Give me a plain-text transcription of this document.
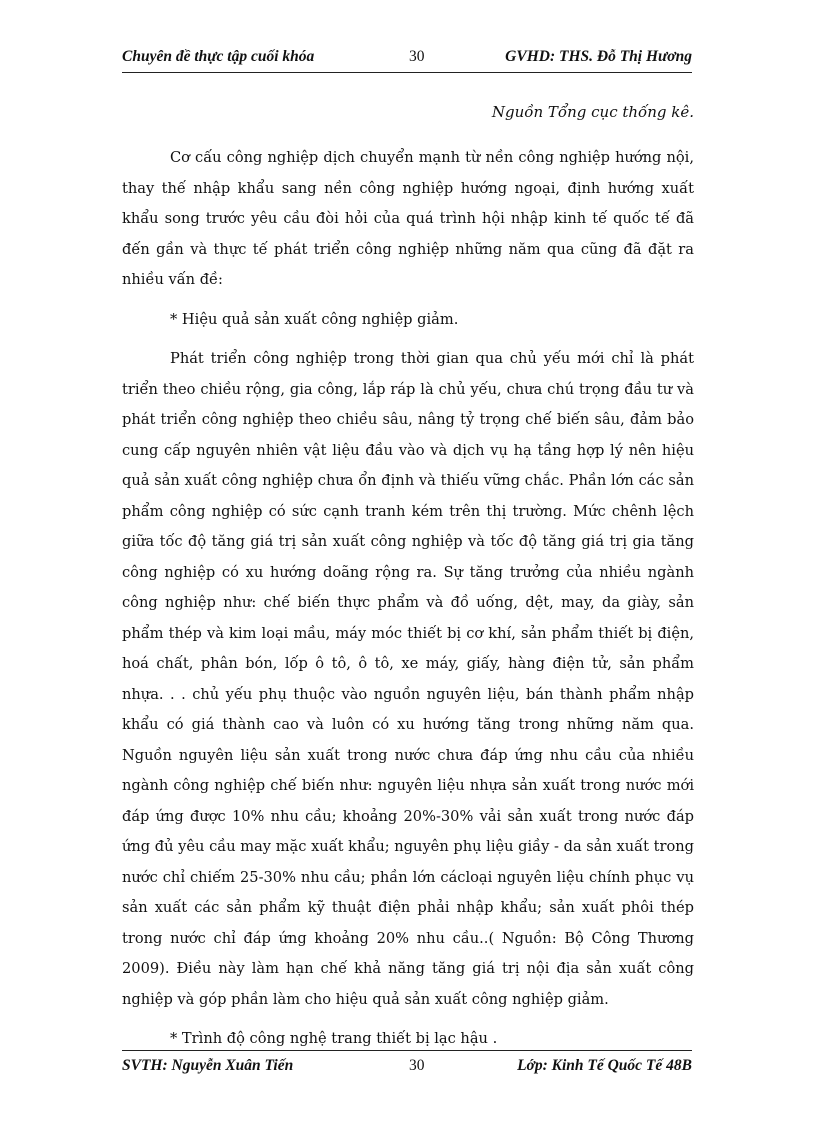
Chuyên đề thực tập cuối khóa	30	GVHD: THS. Đỗ Thị Hương
Nguồn Tổng cục thống kê.

Cơ cấu công nghiệp dịch chuyển mạnh từ nền công nghiệp hướng nội, thay thế nhập khẩu sang nền công nghiệp hướng ngoại, định hướng xuất khẩu song trước yêu cầu đòi hỏi của quá trình hội nhập kinh tế quốc tế đã đến gần và thực tế phát triển công nghiệp những năm qua cũng đã đặt ra nhiều vấn đề:

* Hiệu quả sản xuất công nghiệp giảm.

Phát triển công nghiệp trong thời gian qua chủ yếu mới chỉ là phát triển theo chiều rộng, gia công, lắp ráp là chủ yếu, chưa chú trọng đầu tư và phát triển công nghiệp theo chiều sâu, nâng tỷ trọng chế biến sâu, đảm bảo cung cấp nguyên nhiên vật liệu đầu vào và dịch vụ hạ tầng hợp lý nên hiệu quả sản xuất công nghiệp chưa ổn định và thiếu vững chắc. Phần lớn các sản phẩm công nghiệp có sức cạnh tranh kém trên thị trường. Mức chênh lệch giữa tốc độ tăng giá trị sản xuất công nghiệp và tốc độ tăng giá trị gia tăng công nghiệp có xu hướng doãng rộng ra. Sự tăng trưởng của nhiều ngành công nghiệp như: chế biến thực phẩm và đồ uống, dệt, may, da giày, sản phẩm thép và kim loại mầu, máy móc thiết bị cơ khí, sản phẩm thiết bị điện, hoá chất, phân bón, lốp ô tô, ô tô, xe máy, giấy, hàng điện tử, sản phẩm nhựa. . . chủ yếu phụ thuộc vào nguồn nguyên liệu, bán thành phẩm nhập khẩu có giá thành cao và luôn có xu hướng tăng trong những năm qua. Nguồn nguyên liệu sản xuất trong nước chưa đáp ứng nhu cầu của nhiều ngành công nghiệp chế biến như: nguyên liệu nhựa sản xuất trong nước mới đáp ứng được 10% nhu cầu; khoảng 20%-30% vải sản xuất trong nước đáp ứng đủ yêu cầu may mặc xuất khẩu; nguyên phụ liệu giầy - da sản xuất trong nước chỉ chiếm 25-30% nhu cầu; phần lớn cácloại nguyên liệu chính phục vụ sản xuất các sản phẩm kỹ thuật điện phải nhập khẩu; sản xuất phôi thép trong nước chỉ đáp ứng khoảng 20% nhu cầu..( Nguồn: Bộ Công Thương 2009). Điều này làm hạn chế khả năng tăng giá trị nội địa sản xuất công nghiệp và góp phần làm cho hiệu quả sản xuất công nghiệp giảm.

* Trình độ công nghệ trang thiết bị lạc hậu .

SVTH: Nguyễn Xuân Tiến	30	Lớp: Kinh Tế Quốc Tế 48B
